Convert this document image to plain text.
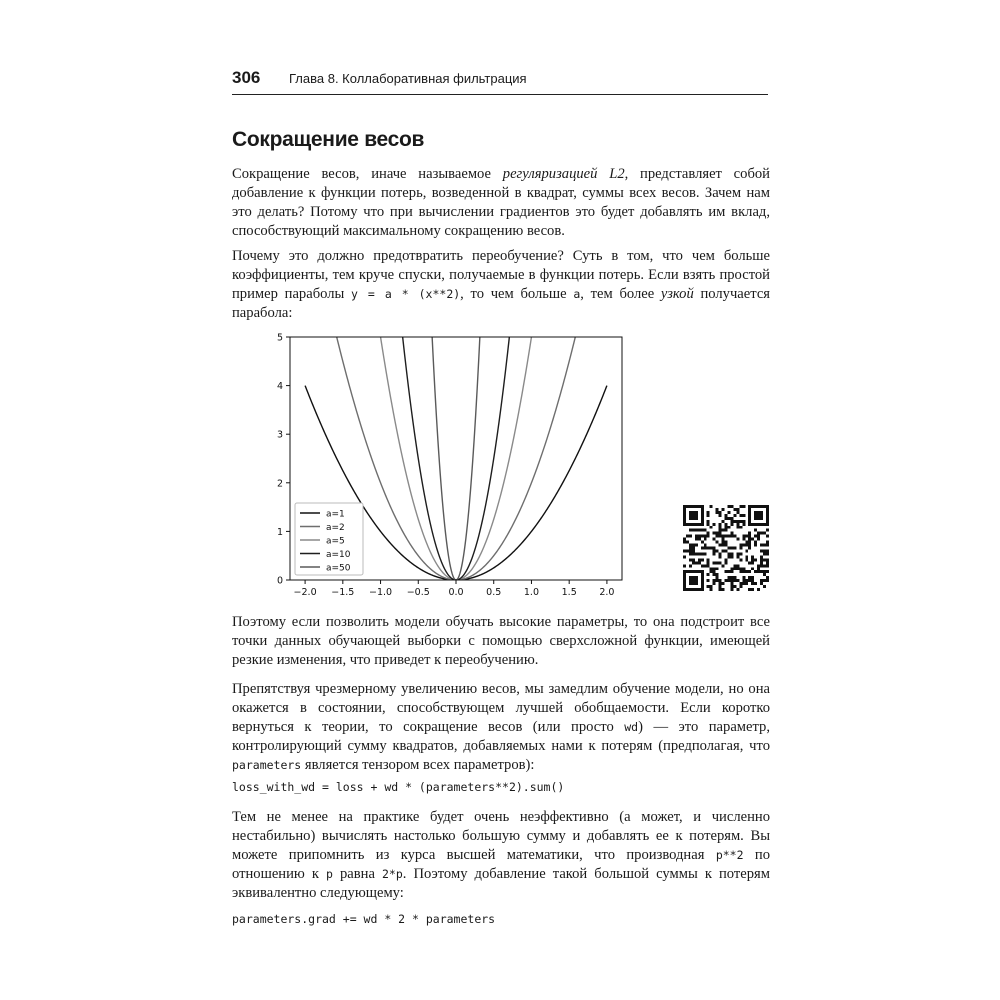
306 Глава 8. Коллаборативная фильтрация
Сокращение весов

Сокращение весов, иначе называемое регуляризацией L2, представляет собой добавление к функции потерь, возведенной в квадрат, суммы всех весов. Зачем нам это делать? Потому что при вычислении градиентов это будет добавлять им вклад, способствующий максимальному сокращению весов.

Почему это должно предотвратить переобучение? Суть в том, что чем больше коэффициенты, тем круче спуски, получаемые в функции потерь. Если взять простой пример параболы y = a * (x**2), то чем больше a, тем более узкой получается парабола:

−2.0 −1.5 −1.0 −0.5 0.0 0.5 1.0 1.5 2.0
0
1
2
3
4
5
a=1
a=2
a=5
a=10
a=50

Поэтому если позволить модели обучать высокие параметры, то она подстроит все точки данных обучающей выборки с помощью сверхсложной функции, имеющей резкие изменения, что приведет к переобучению.

Препятствуя чрезмерному увеличению весов, мы замедлим обучение модели, но она окажется в состоянии, способствующем лучшей обобщаемости. Если коротко вернуться к теории, то сокращение весов (или просто wd) — это параметр, контролирующий сумму квадратов, добавляемых нами к потерям (предполагая, что parameters является тензором всех параметров):

loss_with_wd = loss + wd * (parameters**2).sum()

Тем не менее на практике будет очень неэффективно (а может, и численно нестабильно) вычислять настолько большую сумму и добавлять ее к потерям. Вы можете припомнить из курса высшей математики, что производная p**2 по отношению к p равна 2*p. Поэтому добавление такой большой суммы к потерям эквивалентно следующему:

parameters.grad += wd * 2 * parameters
